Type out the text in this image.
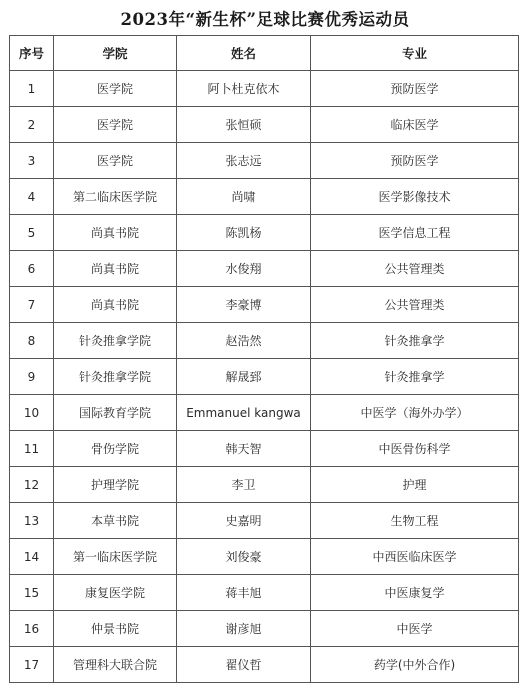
2023年“新生杯”足球比赛优秀运动员
序号	学院	姓名	专业
1	医学院	阿卜杜克依木	预防医学
2	医学院	张恒硕	临床医学
3	医学院	张志远	预防医学
4	第二临床医学院	尚啸	医学影像技术
5	尚真书院	陈凯杨	医学信息工程
6	尚真书院	水俊翔	公共管理类
7	尚真书院	李豪博	公共管理类
8	针灸推拿学院	赵浩然	针灸推拿学
9	针灸推拿学院	解晟郅	针灸推拿学
10	国际教育学院	Emmanuel kangwa	中医学（海外办学）
11	骨伤学院	韩天智	中医骨伤科学
12	护理学院	李卫	护理
13	本草书院	史嘉明	生物工程
14	第一临床医学院	刘俊豪	中西医临床医学
15	康复医学院	蒋丰旭	中医康复学
16	仲景书院	谢彦旭	中医学
17	管理科大联合院	翟仪哲	药学(中外合作)
